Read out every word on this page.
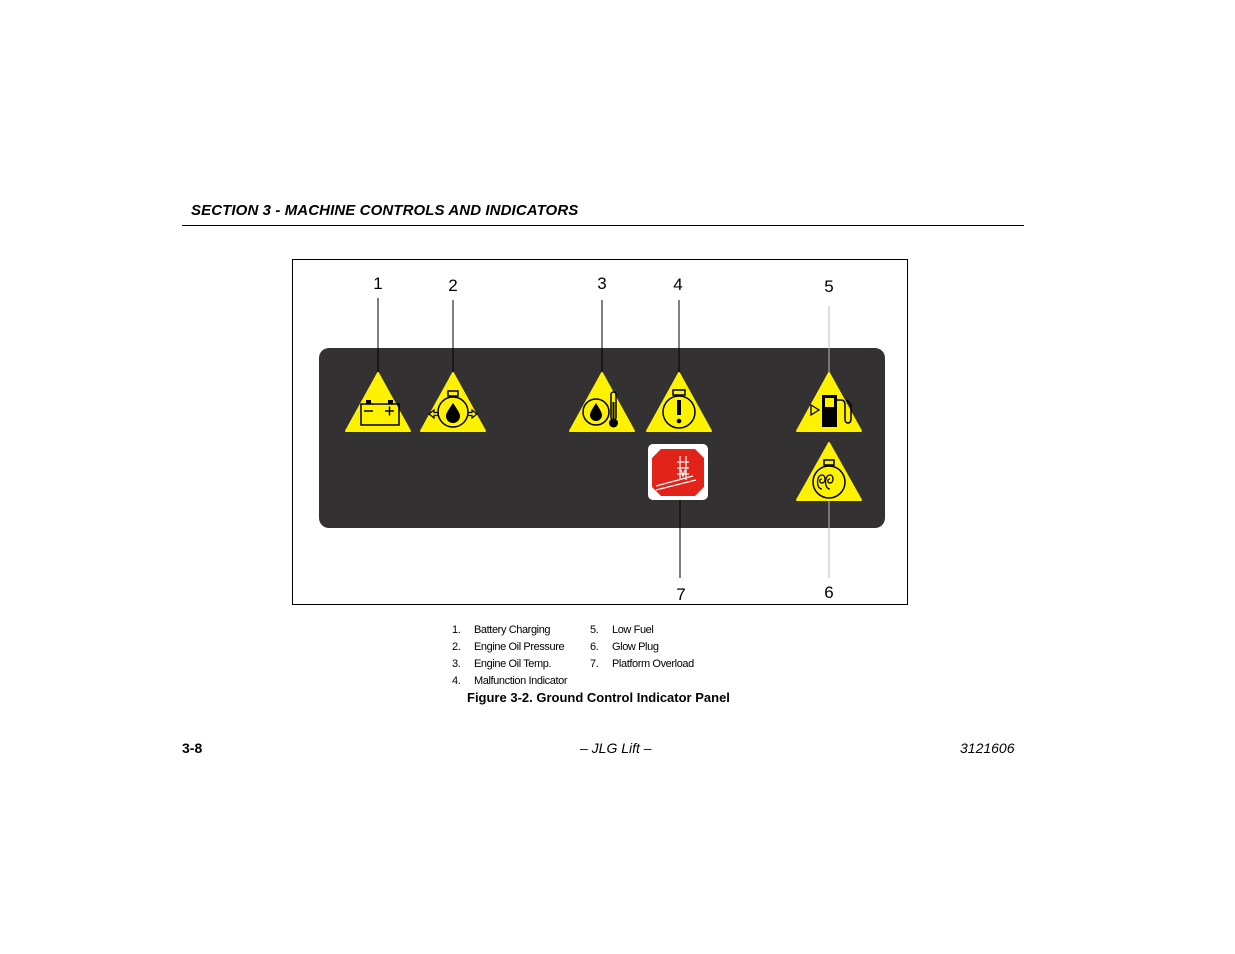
SECTION 3 - MACHINE CONTROLS AND INDICATORS
1	2	3	4	5
6
7
1. Battery Charging
2. Engine Oil Pressure
3. Engine Oil Temp.
4. Malfunction Indicator
5. Low Fuel
6. Glow Plug
7. Platform Overload
Figure 3-2. Ground Control Indicator Panel
3-8	– JLG Lift –	3121606
